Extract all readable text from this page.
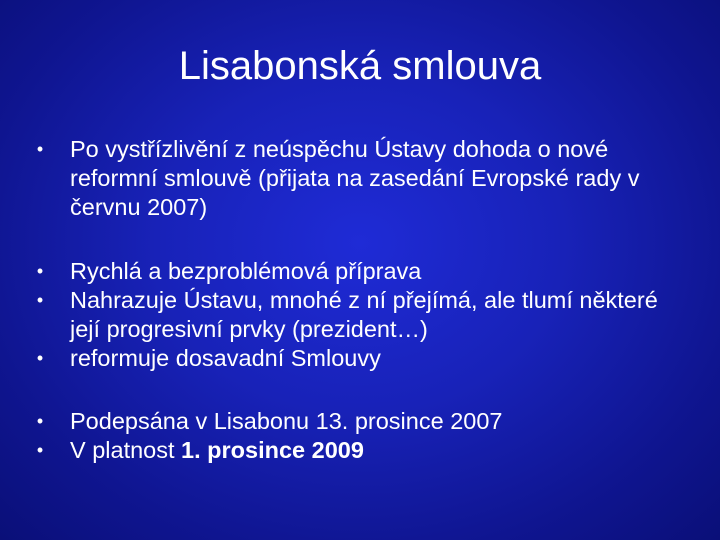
Lisabonská smlouva
• Po vystřízlivění z neúspěchu Ústavy dohoda o nové reformní smlouvě (přijata na zasedání Evropské rady v červnu 2007)
• Rychlá a bezproblémová příprava
• Nahrazuje Ústavu, mnohé z ní přejímá, ale tlumí některé její progresivní prvky (prezident…)
• reformuje dosavadní Smlouvy
• Podepsána v Lisabonu 13. prosince 2007
• V platnost 1. prosince 2009
